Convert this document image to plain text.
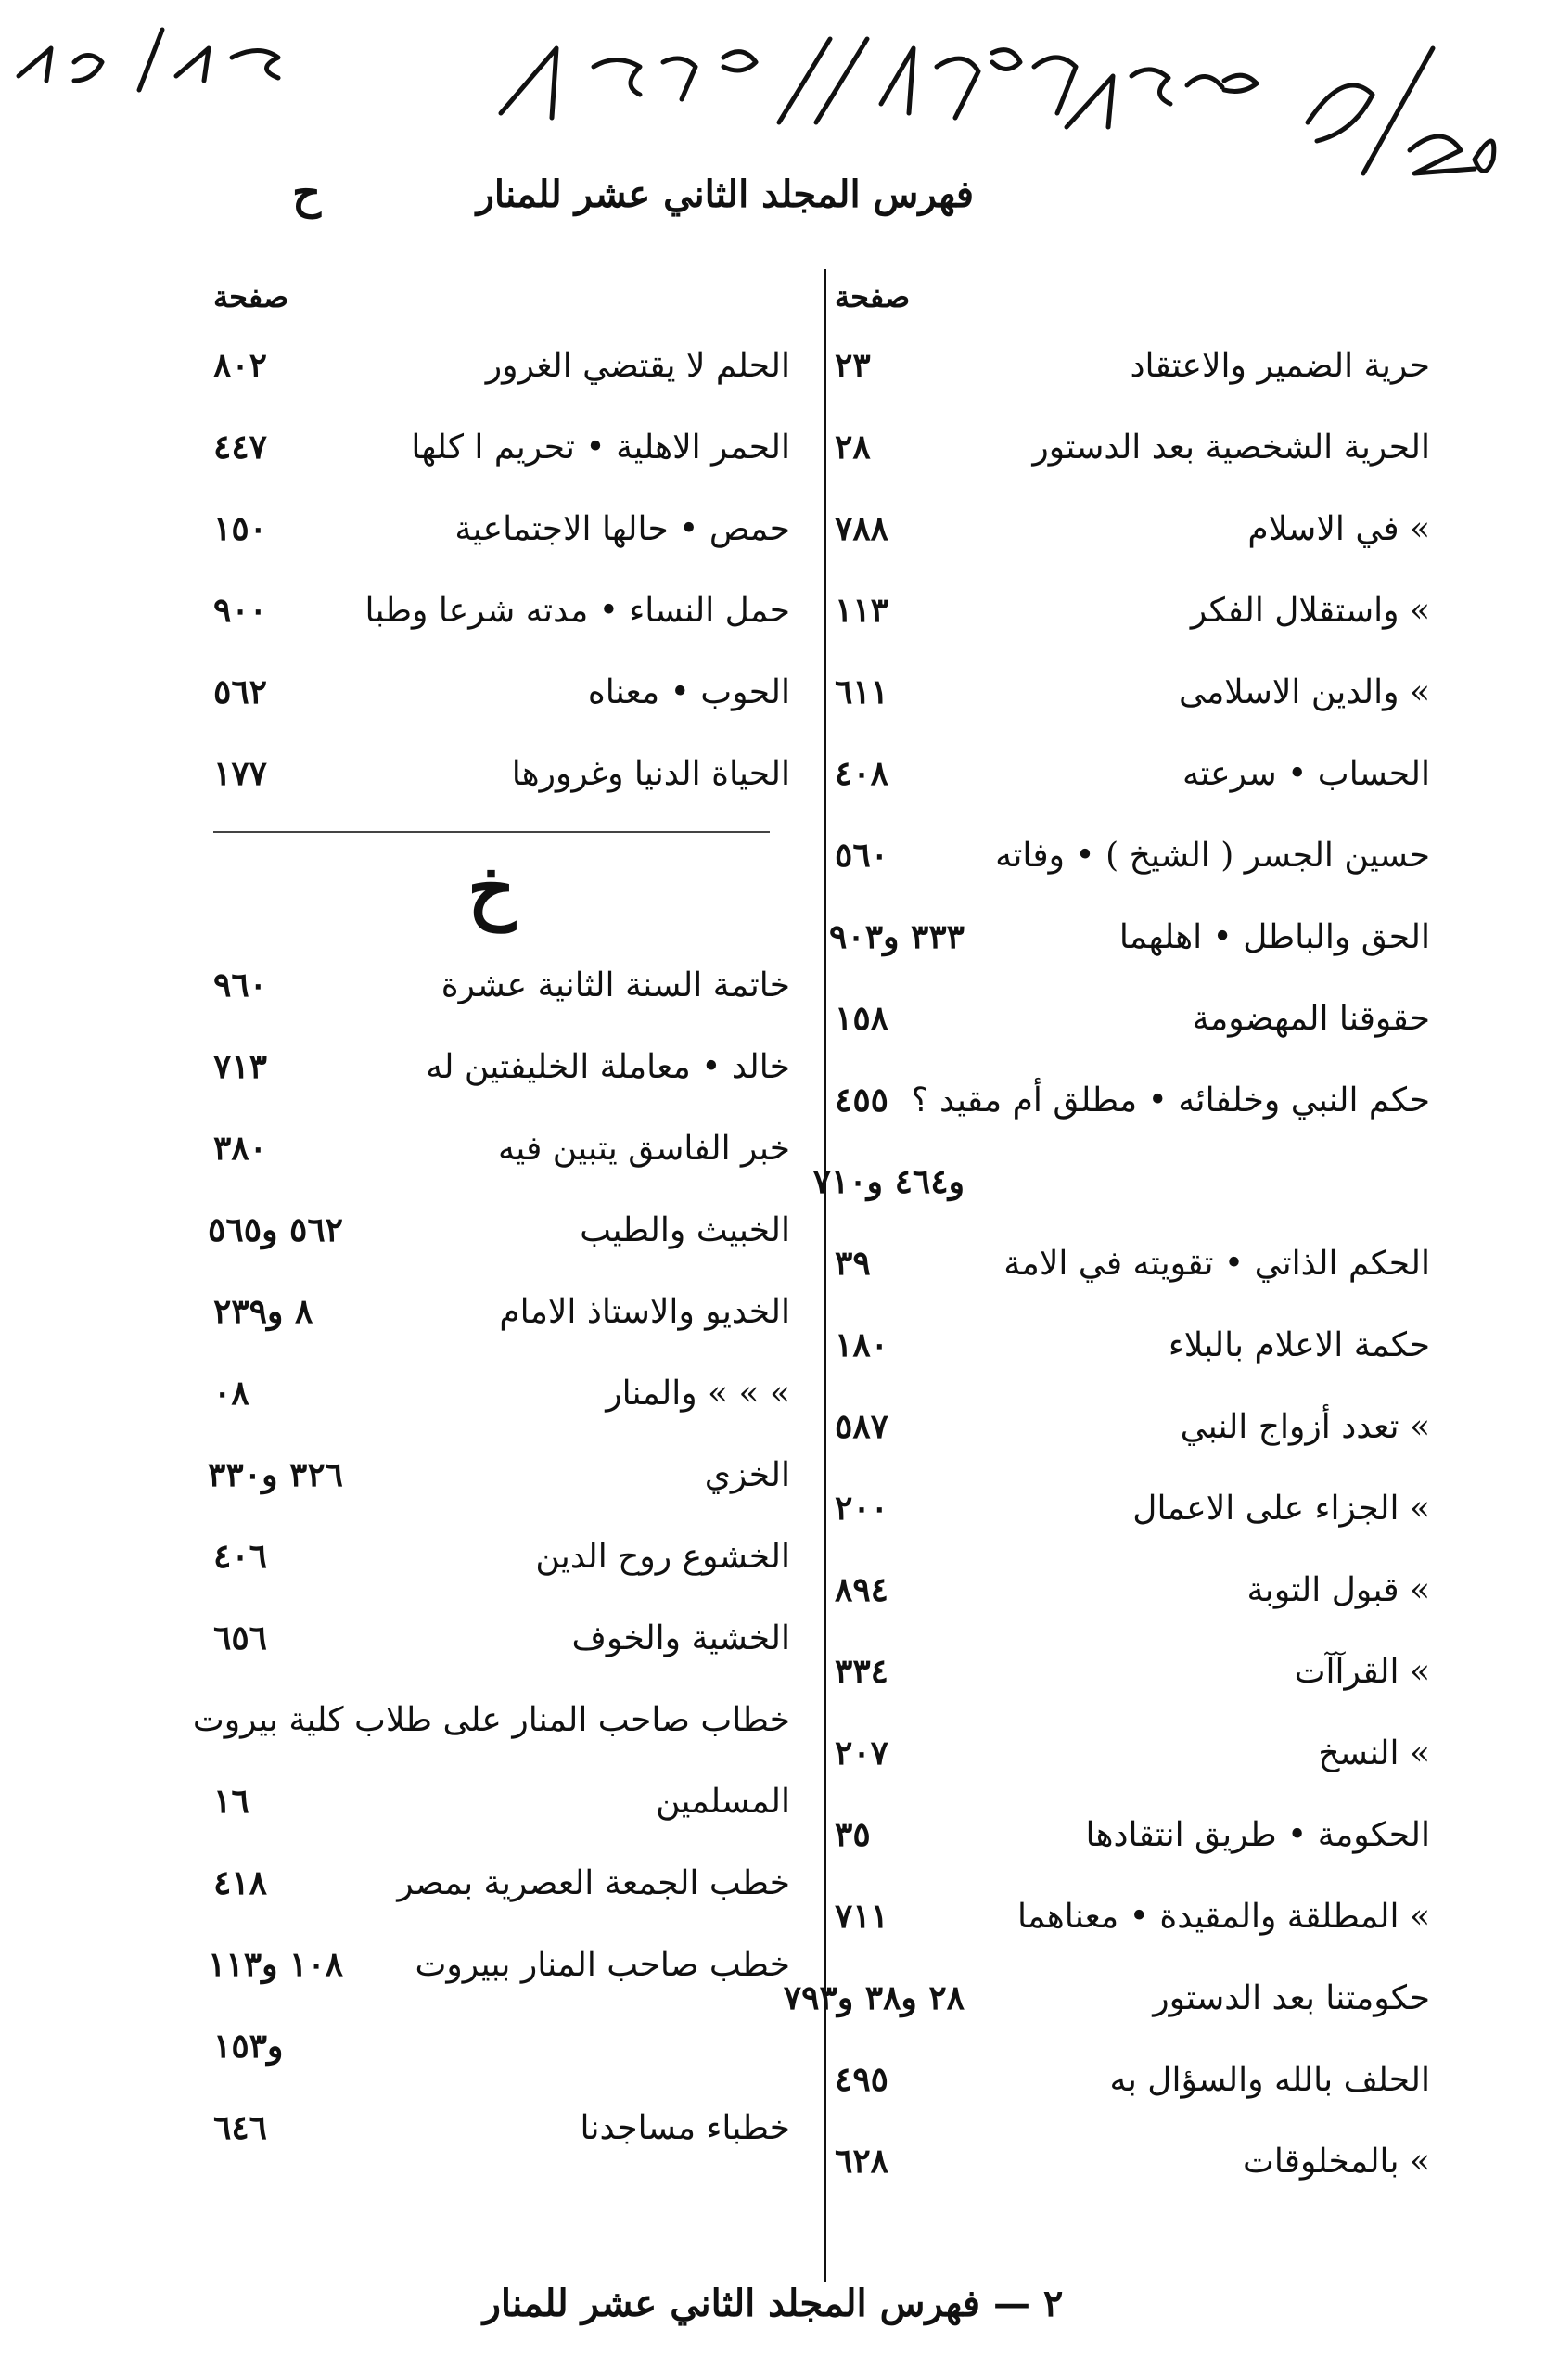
فهرس المجلد الثاني عشر للمنار
ح
صفحة
حرية الضمير والاعتقاد
٢٣
الحرية الشخصية بعد الدستور
٢٨
» في الاسلام
٧٨٨
» واستقلال الفكر
١١٣
» والدين الاسلامى
٦١١
الحساب • سرعته
٤٠٨
حسين الجسر ( الشيخ ) • وفاته
٥٦٠
الحق والباطل • اهلهما
٣٣٣ و٩٠٣
حقوقنا المهضومة
١٥٨
حكم النبي وخلفائه • مطلق أم مقيد ؟
٤٥٥
و٤٦٤ و٧١٠
الحكم الذاتي • تقويته في الامة
٣٩
حكمة الاعلام بالبلاء
١٨٠
» تعدد أزواج النبي
٥٨٧
» الجزاء على الاعمال
٢٠٠
» قبول التوبة
٨٩٤
» القرآآت
٣٣٤
» النسخ
٢٠٧
الحكومة • طريق انتقادها
٣٥
» المطلقة والمقيدة • معناهما
٧١١
حكومتنا بعد الدستور
٢٨ و٣٨ و٧٩٣
الحلف بالله والسؤال به
٤٩٥
» بالمخلوقات
٦٢٨
صفحة
الحلم لا يقتضي الغرور
٨٠٢
الحمر الاهلية • تحريم ا كلها
٤٤٧
حمص • حالها الاجتماعية
١٥٠
حمل النساء • مدته شرعا وطبا
٩٠٠
الحوب • معناه
٥٦٢
الحياة الدنيا وغرورها
١٧٧
خ
خاتمة السنة الثانية عشرة
٩٦٠
خالد • معاملة الخليفتين له
٧١٣
خبر الفاسق يتبين فيه
٣٨٠
الخبيث والطيب
٥٦٢ و٥٦٥
الخديو والاستاذ الامام
٨ و٢٣٩
» » » والمنار
٠٨
الخزي
٣٢٦ و٣٣٠
الخشوع روح الدين
٤٠٦
الخشية والخوف
٦٥٦
خطاب صاحب المنار على طلاب كلية بيروت
المسلمين
١٦
خطب الجمعة العصرية بمصر
٤١٨
خطب صاحب المنار ببيروت
١٠٨ و١١٣
و١٥٣
خطباء مساجدنا
٦٤٦
٢ — فهرس المجلد الثاني عشر للمنار
